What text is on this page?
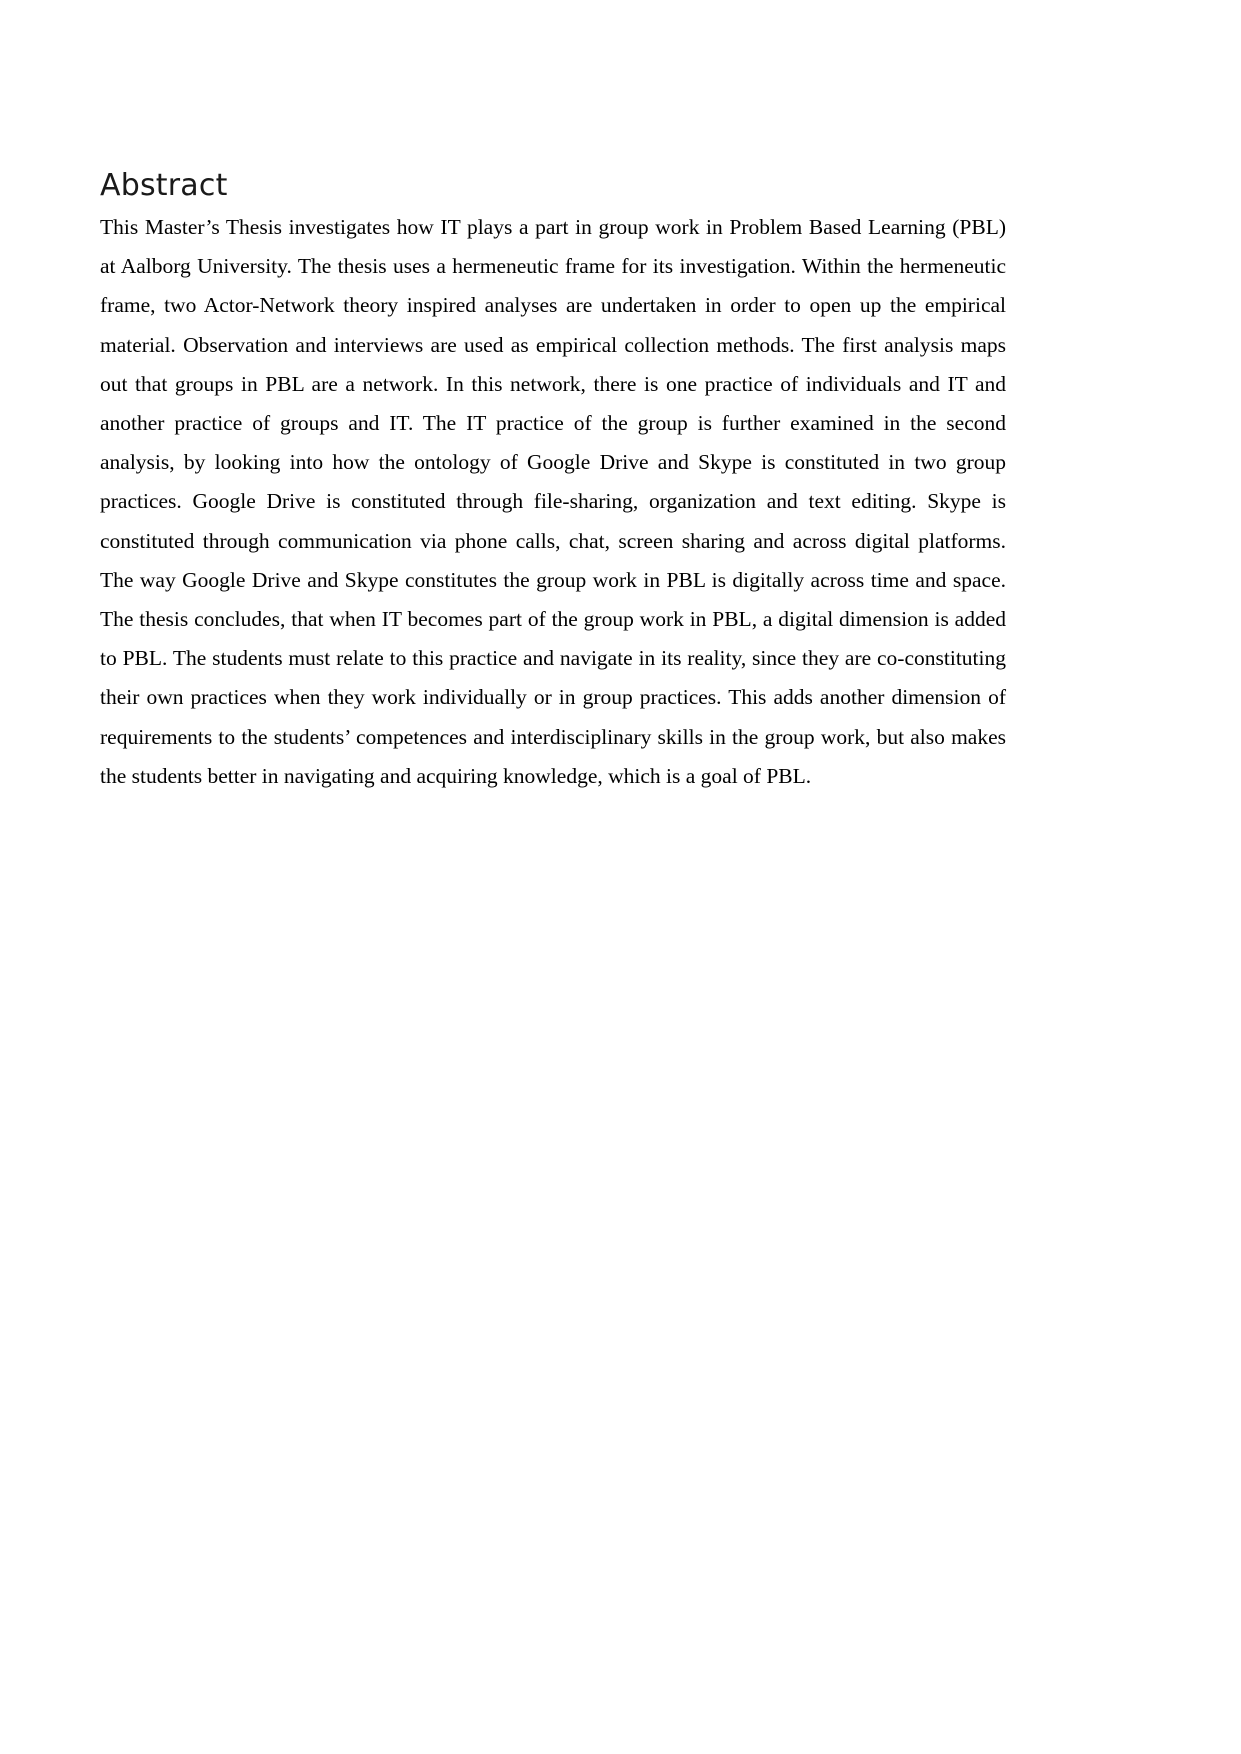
Abstract

This Master’s Thesis investigates how IT plays a part in group work in Problem Based Learning (PBL) at Aalborg University. The thesis uses a hermeneutic frame for its investigation. Within the hermeneutic frame, two Actor-Network theory inspired analyses are undertaken in order to open up the empirical material. Observation and interviews are used as empirical collection methods. The first analysis maps out that groups in PBL are a network. In this network, there is one practice of individuals and IT and another practice of groups and IT. The IT practice of the group is further examined in the second analysis, by looking into how the ontology of Google Drive and Skype is constituted in two group practices. Google Drive is constituted through file-sharing, organization and text editing. Skype is constituted through communication via phone calls, chat, screen sharing and across digital platforms. The way Google Drive and Skype constitutes the group work in PBL is digitally across time and space. The thesis concludes, that when IT becomes part of the group work in PBL, a digital dimension is added to PBL. The students must relate to this practice and navigate in its reality, since they are co-constituting their own practices when they work individually or in group practices. This adds another dimension of requirements to the students’ competences and interdisciplinary skills in the group work, but also makes the students better in navigating and acquiring knowledge, which is a goal of PBL.
